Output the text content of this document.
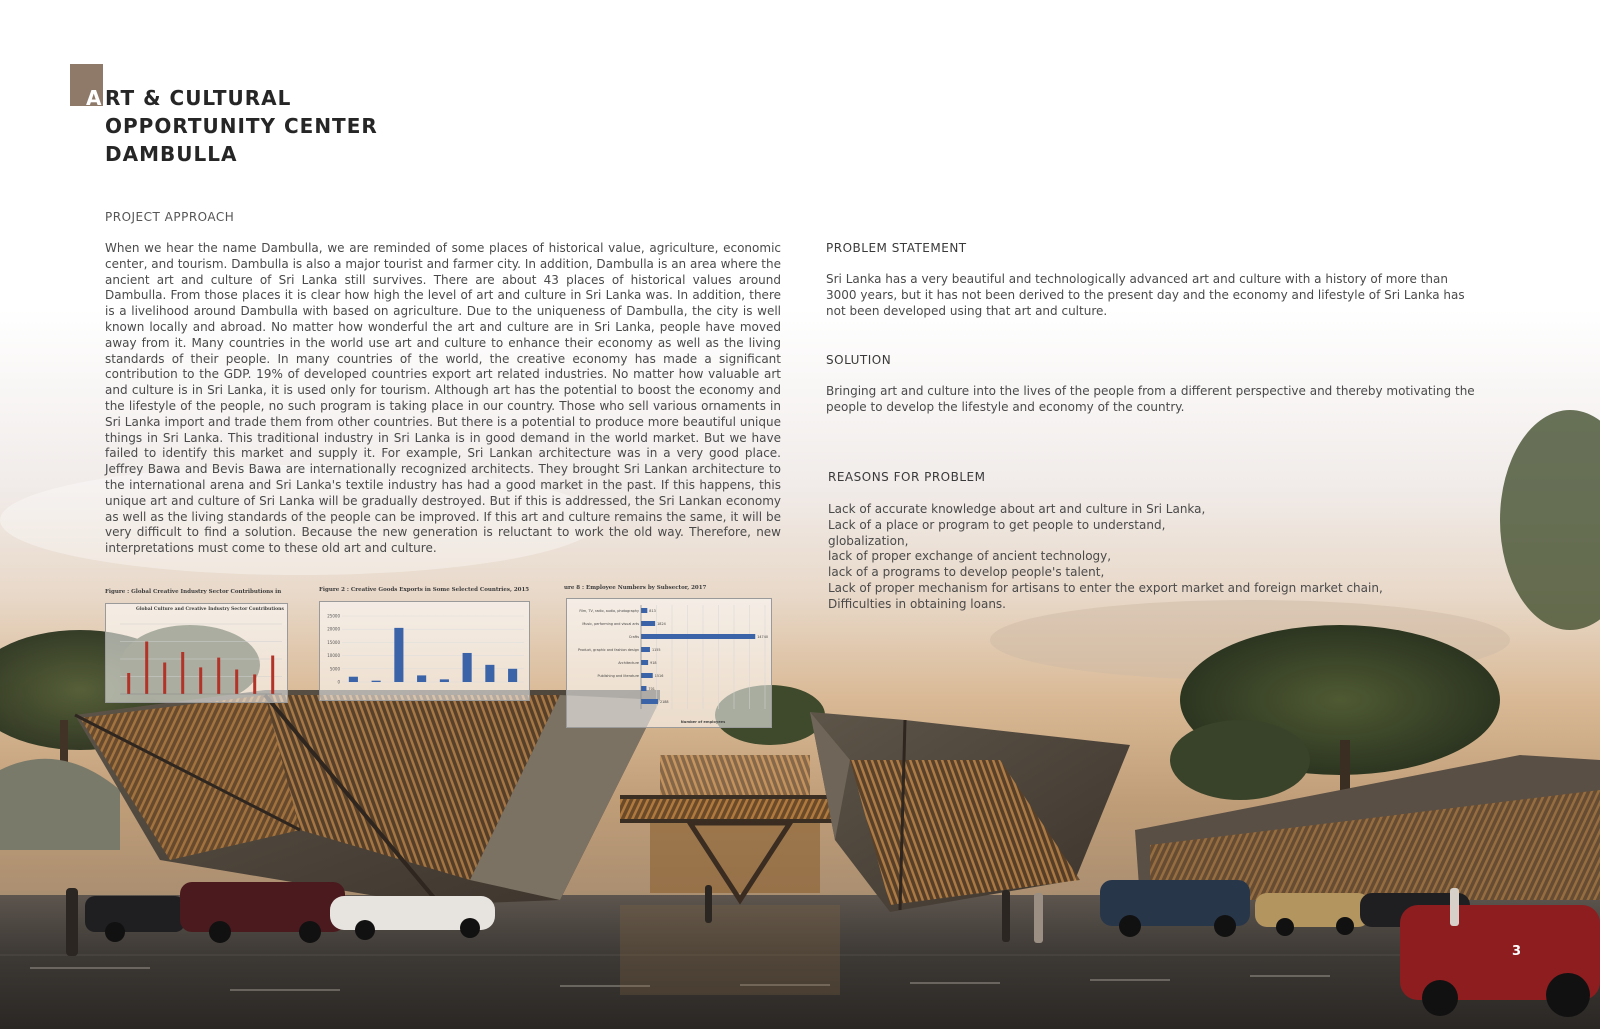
A RT & CULTURAL
OPPORTUNITY CENTER
DAMBULLA
PROJECT APPROACH
When we hear the name Dambulla, we are reminded of some places of historical value, agriculture, economic center, and tourism. Dambulla is also a major tourist and farmer city. In addition, Dambulla is an area where the ancient art and culture of Sri Lanka still survives. There are about 43 places of historical values around Dambulla. From those places it is clear how high the level of art and culture in Sri Lanka was. In addition, there is a livelihood around Dambulla with based on agriculture. Due to the uniqueness of Dambulla, the city is well known locally and abroad. No matter how wonderful the art and culture are in Sri Lanka, people have moved away from it. Many countries in the world use art and culture to enhance their economy as well as the living standards of their people. In many countries of the world, the creative economy has made a significant contribution to the GDP. 19% of developed countries export art related industries. No matter how valuable art and culture is in Sri Lanka, it is used only for tourism. Although art has the potential to boost the economy and the lifestyle of the people, no such program is taking place in our country. Those who sell various ornaments in Sri Lanka import and trade them from other countries. But there is a potential to produce more beautiful unique things in Sri Lanka. This traditional industry in Sri Lanka is in good demand in the world market. But we have failed to identify this market and supply it. For example, Sri Lankan architecture was in a very good place. Jeffrey Bawa and Bevis Bawa are internationally recognized architects. They brought Sri Lankan architecture to the international arena and Sri Lanka's textile industry has had a good market in the past. If this happens, this unique art and culture of Sri Lanka will be gradually destroyed. But if this is addressed, the Sri Lankan economy as well as the living standards of the people can be improved. If this art and culture remains the same, it will be very difficult to find a solution. Because the new generation is reluctant to work the old way. Therefore, new interpretations must come to these old art and culture.
PROBLEM STATEMENT
Sri Lanka has a very beautiful and technologically advanced art and culture with a history of more than 3000 years, but it has not been derived to the present day and the economy and lifestyle of Sri Lanka has not been developed using that art and culture.
SOLUTION
Bringing art and culture into the lives of the people from a different perspective and thereby motivating the people to develop the lifestyle and economy of the country.
REASONS FOR PROBLEM
Lack of accurate knowledge about art and culture in Sri Lanka,
Lack of a place or program to get people to understand,
globalization,
lack of proper exchange of ancient technology,
lack of a programs to develop people's talent,
Lack of proper mechanism for artisans to enter the export market and foreign market chain,
Difficulties in obtaining loans.
Figure : Global Creative Industry Sector Contributions in
Global Culture and Creative Industry Sector Contributions
Figure 2 : Creative Goods Exports in Some Selected Countries, 2015
25000
20000
15000
10000
5000
0
ure 8 : Employee Numbers by Subsector, 2017
Film, TV, radio, audio, photography	813
Music, performing and visual arts	1824
Crafts	14740
Product, graphic and fashion design	1155
Architecture	918
Publishing and literature	1516
701
2188
Number of employees
3
